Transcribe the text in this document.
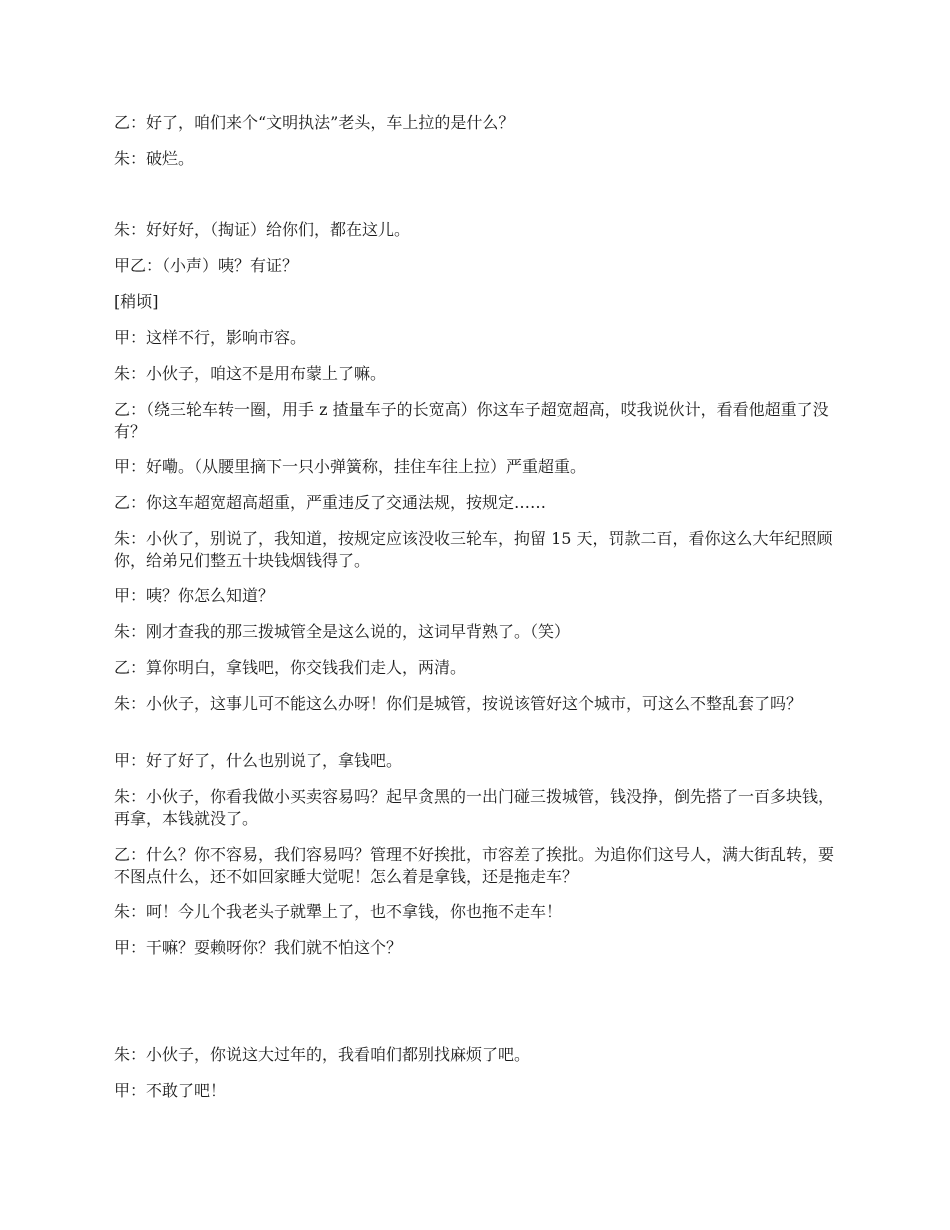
乙：好了，咱们来个“文明执法”老头，车上拉的是什么？

朱：破烂。

朱：好好好，（掏证）给你们，都在这儿。

甲乙：（小声）咦？有证？

[稍顷]

甲：这样不行，影响市容。

朱：小伙子，咱这不是用布蒙上了嘛。

乙：（绕三轮车转一圈，用手 z 揸量车子的长宽高）你这车子超宽超高，哎我说伙计，看看他超重了没有？

甲：好嘞。（从腰里摘下一只小弹簧称，挂住车往上拉）严重超重。

乙：你这车超宽超高超重，严重违反了交通法规，按规定……

朱：小伙了，别说了，我知道，按规定应该没收三轮车，拘留 15 天，罚款二百，看你这么大年纪照顾你，给弟兄们整五十块钱烟钱得了。

甲：咦？你怎么知道？

朱：刚才查我的那三拨城管全是这么说的，这词早背熟了。（笑）

乙：算你明白，拿钱吧，你交钱我们走人，两清。

朱：小伙子，这事儿可不能这么办呀！你们是城管，按说该管好这个城市，可这么不整乱套了吗？

甲：好了好了，什么也别说了，拿钱吧。

朱：小伙子，你看我做小买卖容易吗？起早贪黑的一出门碰三拨城管，钱没挣，倒先搭了一百多块钱，再拿，本钱就没了。

乙：什么？你不容易，我们容易吗？管理不好挨批，市容差了挨批。为追你们这号人，满大街乱转，要不图点什么，还不如回家睡大觉呢！怎么着是拿钱，还是拖走车？

朱：呵！今儿个我老头子就犟上了，也不拿钱，你也拖不走车！

甲：干嘛？耍赖呀你？我们就不怕这个？

朱：小伙子，你说这大过年的，我看咱们都别找麻烦了吧。

甲：不敢了吧！
